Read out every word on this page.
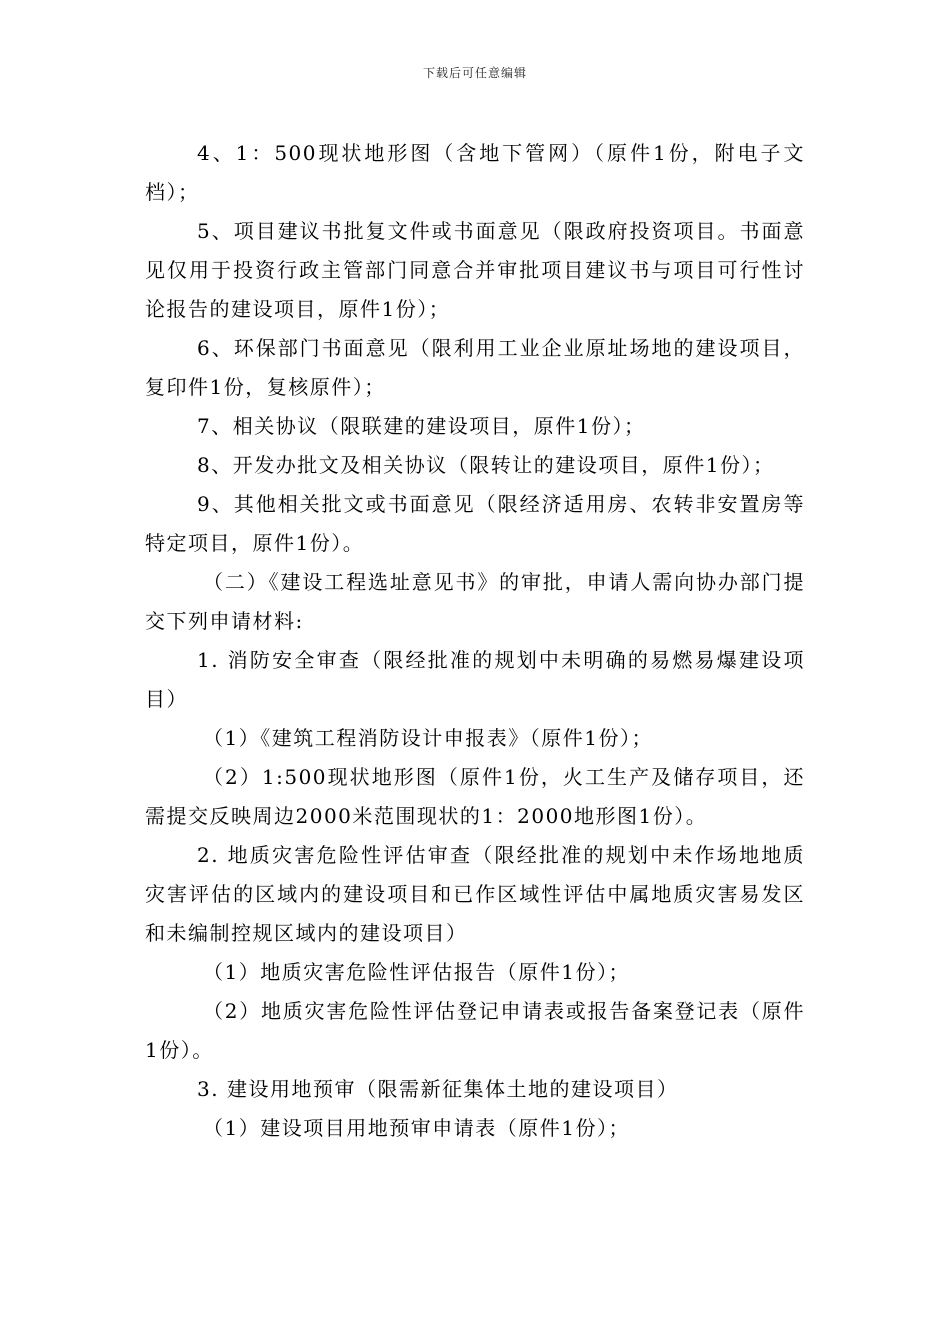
下载后可任意编辑

4、1：500现状地形图（含地下管网）（原件1份，附电子文档）；

5、项目建议书批复文件或书面意见（限政府投资项目。书面意见仅用于投资行政主管部门同意合并审批项目建议书与项目可行性讨论报告的建设项目，原件1份）；

6、环保部门书面意见（限利用工业企业原址场地的建设项目，复印件1份，复核原件）；

7、相关协议（限联建的建设项目，原件1份）；

8、开发办批文及相关协议（限转让的建设项目，原件1份）；

9、其他相关批文或书面意见（限经济适用房、农转非安置房等特定项目，原件1份）。

（二）《建设工程选址意见书》的审批，申请人需向协办部门提交下列申请材料:

1. 消防安全审查（限经批准的规划中未明确的易燃易爆建设项目）

（1）《建筑工程消防设计申报表》（原件1份）；

（2）1:500现状地形图（原件1份，火工生产及储存项目，还需提交反映周边2000米范围现状的1：2000地形图1份）。

2. 地质灾害危险性评估审查（限经批准的规划中未作场地地质灾害评估的区域内的建设项目和已作区域性评估中属地质灾害易发区和未编制控规区域内的建设项目）

（1）地质灾害危险性评估报告（原件1份）；

（2）地质灾害危险性评估登记申请表或报告备案登记表（原件1份）。

3. 建设用地预审（限需新征集体土地的建设项目）

（1）建设项目用地预审申请表（原件1份）；
